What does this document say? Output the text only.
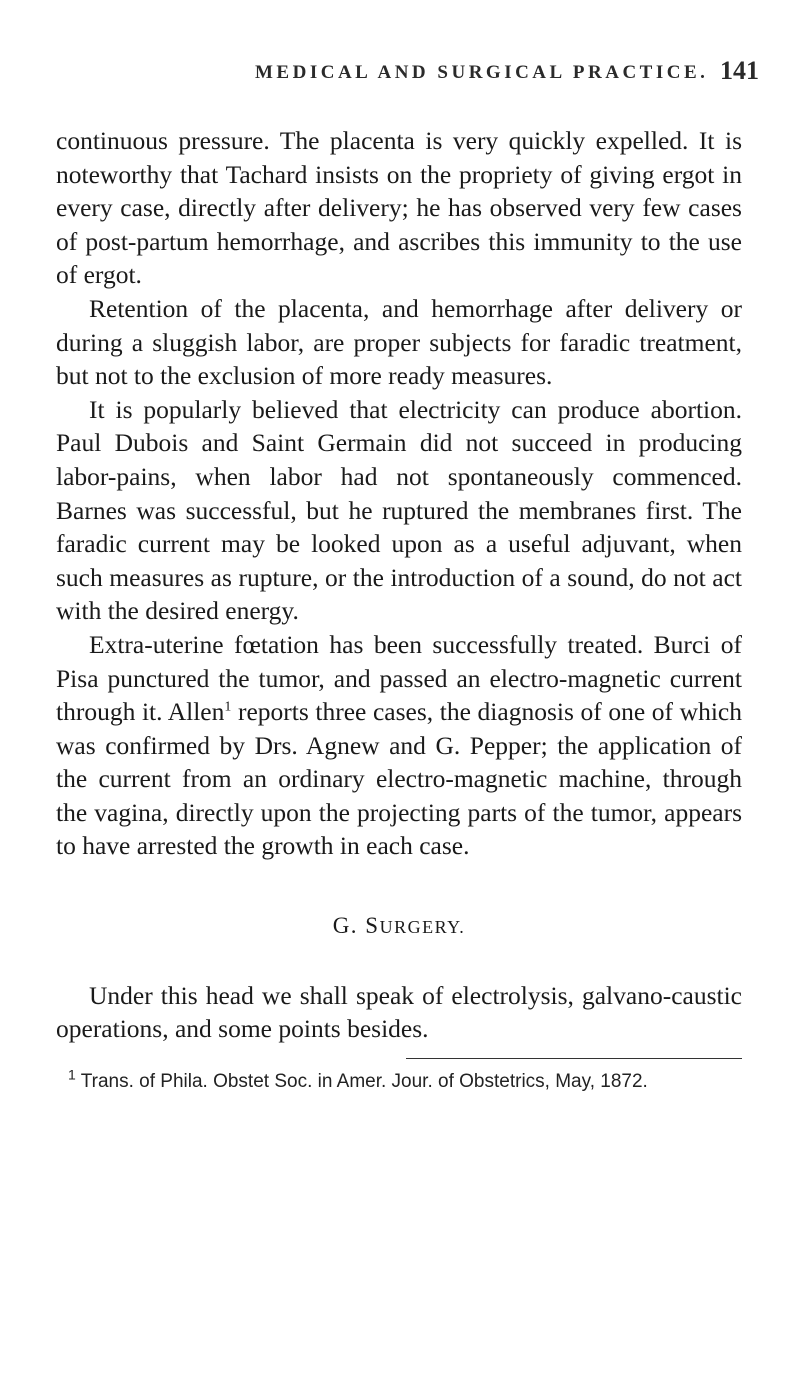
MEDICAL AND SURGICAL PRACTICE. 141

continuous pressure. The placenta is very quickly expelled. It is noteworthy that Tachard insists on the propriety of giving ergot in every case, directly after delivery; he has observed very few cases of post-partum hemorrhage, and ascribes this immunity to the use of ergot.

Retention of the placenta, and hemorrhage after delivery or during a sluggish labor, are proper subjects for faradic treatment, but not to the exclusion of more ready measures.

It is popularly believed that electricity can produce abortion. Paul Dubois and Saint Germain did not succeed in producing labor-pains, when labor had not spontaneously commenced. Barnes was successful, but he ruptured the membranes first. The faradic current may be looked upon as a useful adjuvant, when such measures as rupture, or the introduction of a sound, do not act with the desired energy.

Extra-uterine fœtation has been successfully treated. Burci of Pisa punctured the tumor, and passed an electro-magnetic current through it. Allen$^1$ reports three cases, the diagnosis of one of which was confirmed by Drs. Agnew and G. Pepper; the application of the current from an ordinary electro-magnetic machine, through the vagina, directly upon the projecting parts of the tumor, appears to have arrested the growth in each case.

G. SURGERY.

Under this head we shall speak of electrolysis, galvano-caustic operations, and some points besides.

$^1$ Trans. of Phila. Obstet Soc. in Amer. Jour. of Obstetrics, May, 1872.
